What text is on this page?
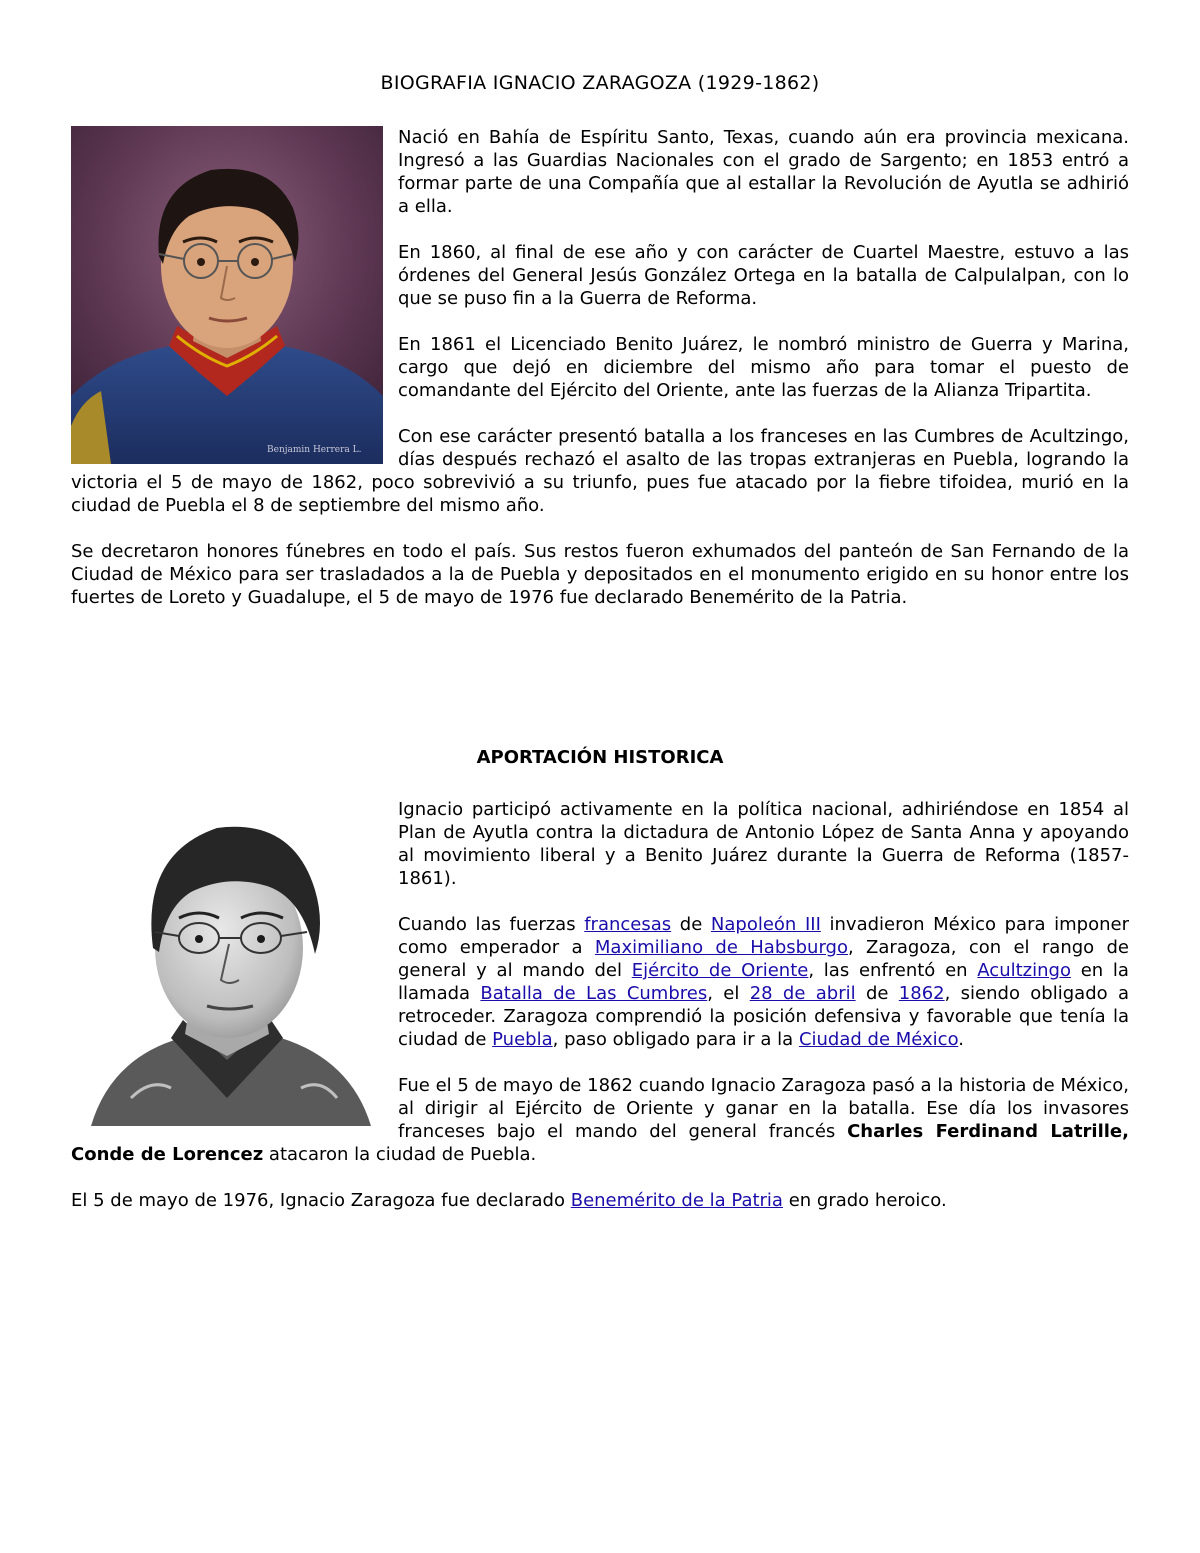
BIOGRAFIA IGNACIO ZARAGOZA (1929-1862)
Benjamin Herrera L.

Nació en Bahía de Espíritu Santo, Texas, cuando aún era provincia mexicana. Ingresó a las Guardias Nacionales con el grado de Sargento; en 1853 entró a formar parte de una Compañía que al estallar la Revolución de Ayutla se adhirió a ella.

En 1860, al final de ese año y con carácter de Cuartel Maestre, estuvo a las órdenes del General Jesús González Ortega en la batalla de Calpulalpan, con lo que se puso fin a la Guerra de Reforma.

En 1861 el Licenciado Benito Juárez, le nombró ministro de Guerra y Marina, cargo que dejó en diciembre del mismo año para tomar el puesto de comandante del Ejército del Oriente, ante las fuerzas de la Alianza Tripartita.

Con ese carácter presentó batalla a los franceses en las Cumbres de Acultzingo, días después rechazó el asalto de las tropas extranjeras en Puebla, logrando la victoria el 5 de mayo de 1862, poco sobrevivió a su triunfo, pues fue atacado por la fiebre tifoidea, murió en la ciudad de Puebla el 8 de septiembre del mismo año.

Se decretaron honores fúnebres en todo el país. Sus restos fueron exhumados del panteón de San Fernando de la Ciudad de México para ser trasladados a la de Puebla y depositados en el monumento erigido en su honor entre los fuertes de Loreto y Guadalupe, el 5 de mayo de 1976 fue declarado Benemérito de la Patria.

APORTACIÓN HISTORICA

Ignacio participó activamente en la política nacional, adhiriéndose en 1854 al Plan de Ayutla contra la dictadura de Antonio López de Santa Anna y apoyando al movimiento liberal y a Benito Juárez durante la Guerra de Reforma (1857-1861).

Cuando las fuerzas francesas de Napoleón III invadieron México para imponer como emperador a Maximiliano de Habsburgo, Zaragoza, con el rango de general y al mando del Ejército de Oriente, las enfrentó en Acultzingo en la llamada Batalla de Las Cumbres, el 28 de abril de 1862, siendo obligado a retroceder. Zaragoza comprendió la posición defensiva y favorable que tenía la ciudad de Puebla, paso obligado para ir a la Ciudad de México.

Fue el 5 de mayo de 1862 cuando Ignacio Zaragoza pasó a la historia de México, al dirigir al Ejército de Oriente y ganar en la batalla. Ese día los invasores franceses bajo el mando del general francés Charles Ferdinand Latrille, Conde de Lorencez atacaron la ciudad de Puebla.

El 5 de mayo de 1976, Ignacio Zaragoza fue declarado Benemérito de la Patria en grado heroico.
